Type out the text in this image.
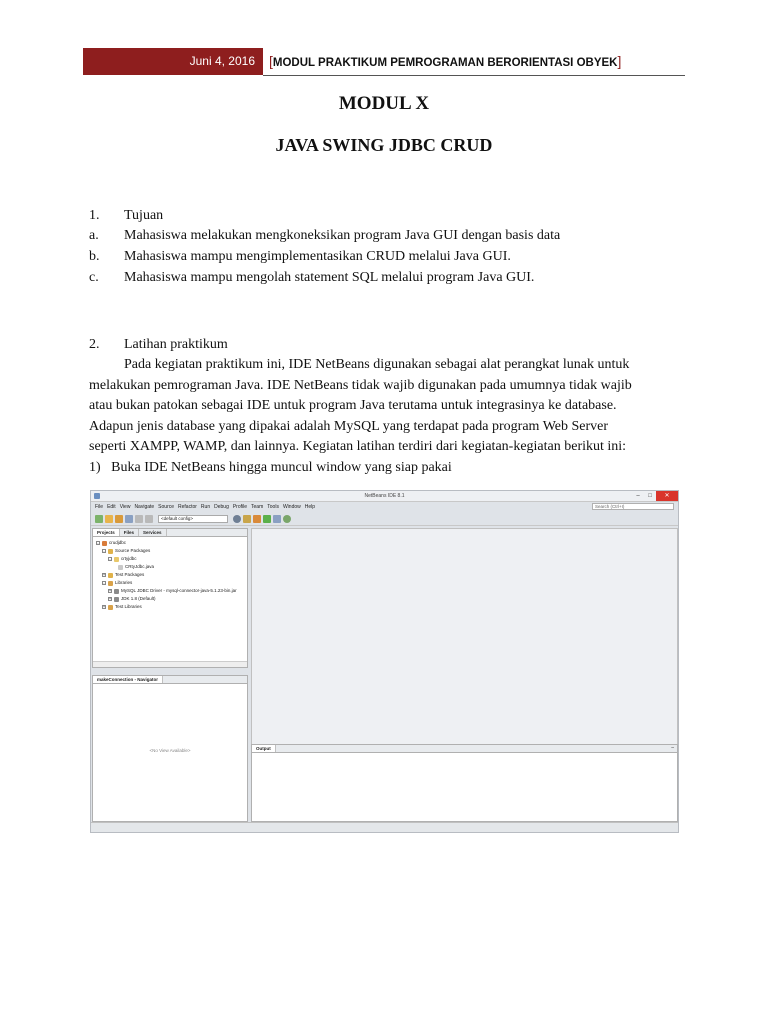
Juni 4, 2016	[MODUL PRAKTIKUM PEMROGRAMAN BERORIENTASI OBYEK]
MODUL X
JAVA SWING JDBC CRUD
1. Tujuan
a. Mahasiswa melakukan mengkoneksikan program Java GUI dengan basis data
b. Mahasiswa mampu mengimplementasikan CRUD melalui Java GUI.
c. Mahasiswa mampu mengolah statement SQL melalui program Java GUI.
2. Latihan praktikum
Pada kegiatan praktikum ini, IDE NetBeans digunakan sebagai alat perangkat lunak untuk
melakukan pemrograman Java. IDE NetBeans tidak wajib digunakan pada umumnya tidak wajib
atau bukan patokan sebagai IDE untuk program Java terutama untuk integrasinya ke database.
Adapun jenis database yang dipakai adalah MySQL yang terdapat pada program Web Server
seperti XAMPP, WAMP, dan lainnya. Kegiatan latihan terdiri dari kegiatan-kegiatan berikut ini:
1)   Buka IDE NetBeans hingga muncul window yang siap pakai
NetBeans IDE 8.1	–	□	✕
File Edit View Navigate Source Refactor Run Debug Profile Team Tools Window Help	Search (Ctrl+I)
<default config>
Projects	Files	Services
-	crudjdbc
-	Source Packages
-	crtyjdbc
CRtyJdbc.java
+ Test Packages
-	Libraries
+ MySQL JDBC Driver - mysql-connector-java-5.1.23-bin.jar
+ JDK 1.8 (Default)
+ Test Libraries
makeConnection - Navigator
<No View Available>	Output	–
